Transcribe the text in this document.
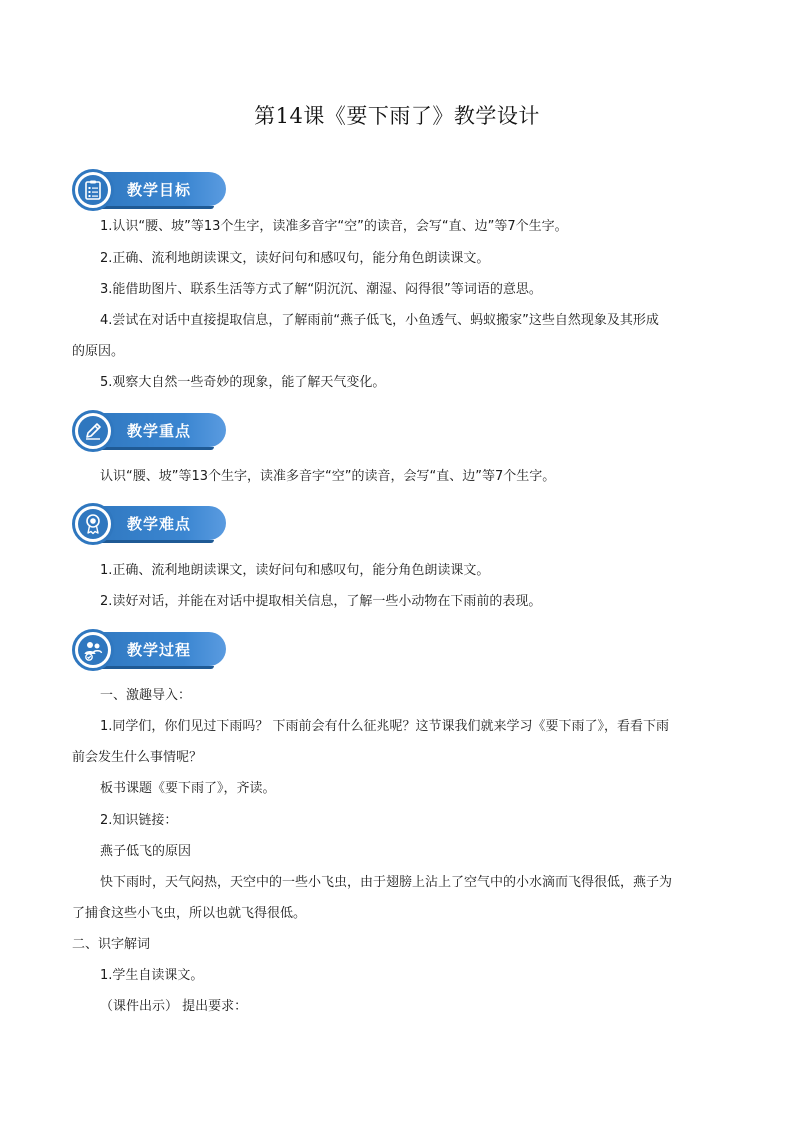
第14课《要下雨了》教学设计
教学目标

1.认识“腰、坡”等13个生字，读准多音字“空”的读音，会写“直、边”等7个生字。

2.正确、流利地朗读课文，读好问句和感叹句，能分角色朗读课文。

3.能借助图片、联系生活等方式了解“阴沉沉、潮湿、闷得很”等词语的意思。

4.尝试在对话中直接提取信息，了解雨前“燕子低飞，小鱼透气、蚂蚁搬家”这些自然现象及其形成

的原因。

5.观察大自然一些奇妙的现象，能了解天气变化。

教学重点

认识“腰、坡”等13个生字，读准多音字“空”的读音，会写“直、边”等7个生字。

教学难点

1.正确、流利地朗读课文，读好问句和感叹句，能分角色朗读课文。

2.读好对话，并能在对话中提取相关信息，了解一些小动物在下雨前的表现。

教学过程

一、激趣导入：

1.同学们，你们见过下雨吗？ 下雨前会有什么征兆呢？这节课我们就来学习《要下雨了》，看看下雨

前会发生什么事情呢？

板书课题《要下雨了》，齐读。

2.知识链接：

燕子低飞的原因

快下雨时，天气闷热，天空中的一些小飞虫，由于翅膀上沾上了空气中的小水滴而飞得很低，燕子为

了捕食这些小飞虫，所以也就飞得很低。

二、识字解词

1.学生自读课文。

（课件出示） 提出要求：
